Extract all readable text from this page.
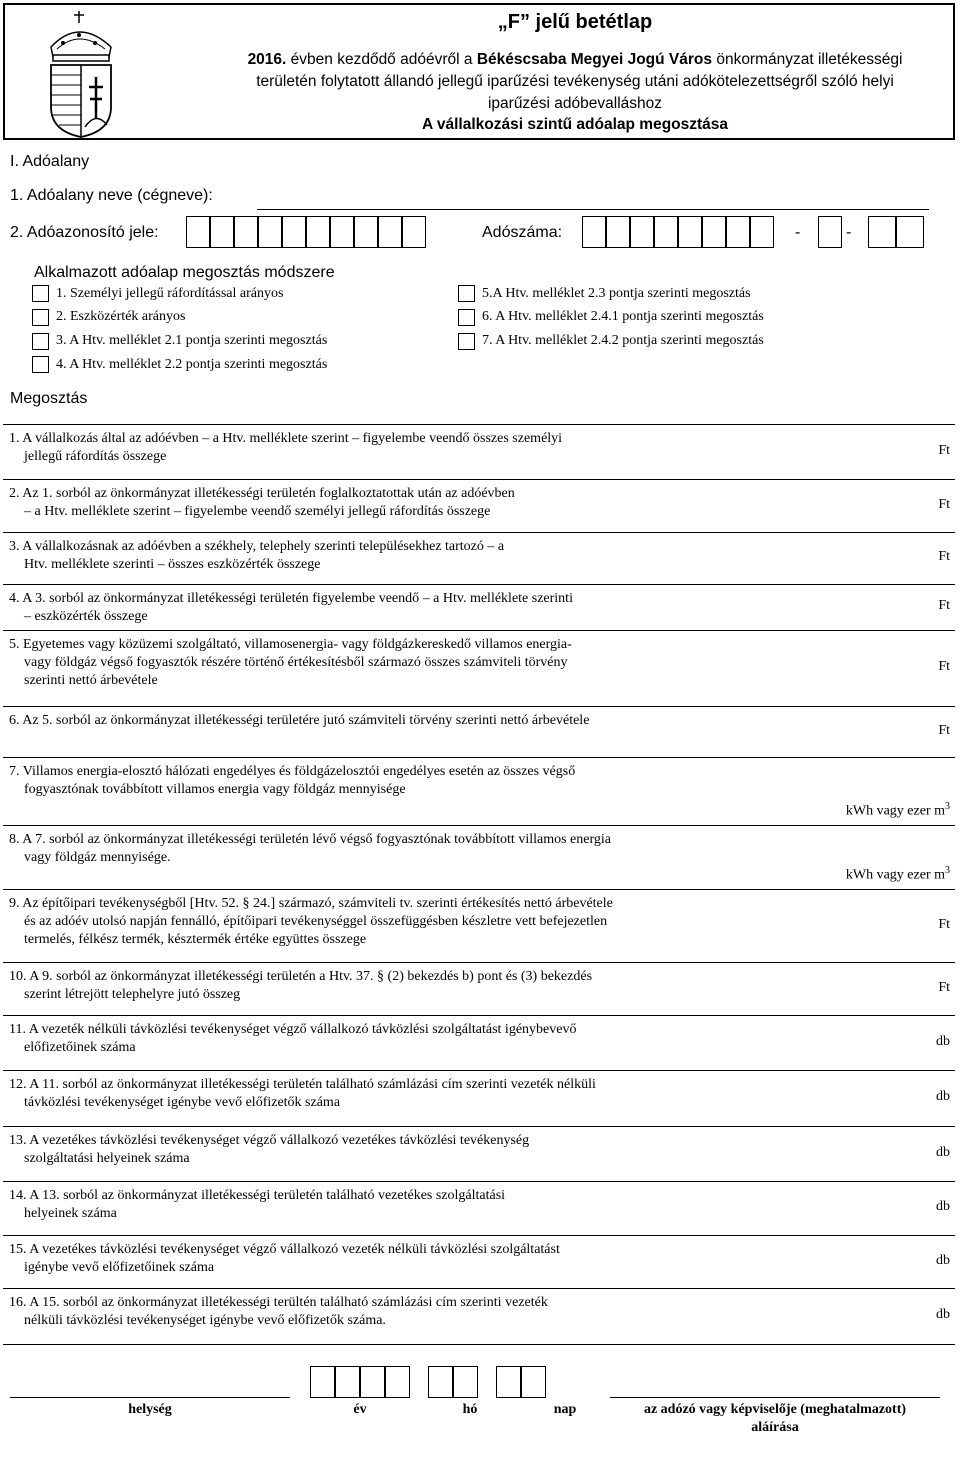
„F” jelű betétlap
2016. évben kezdődő adóévről a Békéscsaba Megyei Jogú Város önkormányzat illetékességi
területén folytatott állandó jellegű iparűzési tevékenység utáni adókötelezettségről szóló helyi
iparűzési adóbevalláshoz
A vállalkozási szintű adóalap megosztása
I. Adóalany
1. Adóalany neve (cégneve):
2. Adóazonosító jele:	Adószáma:	-	-
Alkalmazott adóalap megosztás módszere
1. Személyi jellegű ráfordítással arányos
2. Eszközérték arányos
3. A Htv. melléklet 2.1 pontja szerinti megosztás
4. A Htv. melléklet 2.2 pontja szerinti megosztás
5.A Htv. melléklet 2.3 pontja szerinti megosztás
6. A Htv. melléklet 2.4.1 pontja szerinti megosztás
7. A Htv. melléklet 2.4.2 pontja szerinti megosztás
Megosztás
1. A vállalkozás által az adóévben – a Htv. melléklete szerint – figyelembe veendő összes személyi
jellegű ráfordítás összege	Ft
2. Az 1. sorból az önkormányzat illetékességi területén foglalkoztatottak után az adóévben
– a Htv. melléklete szerint – figyelembe veendő személyi jellegű ráfordítás összege	Ft
3. A vállalkozásnak az adóévben a székhely, telephely szerinti településekhez tartozó – a
Htv. melléklete szerinti – összes eszközérték összege
Ft
4. A 3. sorból az önkormányzat illetékességi területén figyelembe veendő – a Htv. melléklete szerinti
– eszközérték összege
Ft
5. Egyetemes vagy közüzemi szolgáltató, villamosenergia- vagy földgázkereskedő villamos energia-
vagy földgáz végső fogyasztók részére történő értékesítésből származó összes számviteli törvény
szerinti nettó árbevétele
Ft
6. Az 5. sorból az önkormányzat illetékességi területére jutó számviteli törvény szerinti nettó árbevétele
Ft
7. Villamos energia-elosztó hálózati engedélyes és földgázelosztói engedélyes esetén az összes végső
fogyasztónak továbbított villamos energia vagy földgáz mennyisége
kWh vagy ezer $m^3$
8. A 7. sorból az önkormányzat illetékességi területén lévő végső fogyasztónak továbbított villamos energia
vagy földgáz mennyisége.
kWh vagy ezer $m^3$
9. Az építőipari tevékenységből [Htv. 52. § 24.] származó, számviteli tv. szerinti értékesítés nettó árbevétele
és az adóév utolsó napján fennálló, építőipari tevékenységgel összefüggésben készletre vett befejezetlen
termelés, félkész termék, késztermék értéke együttes összege
Ft
10. A 9. sorból az önkormányzat illetékességi területén a Htv. 37. § (2) bekezdés b) pont és (3) bekezdés
szerint létrejött telephelyre jutó összeg	Ft
11. A vezeték nélküli távközlési tevékenységet végző vállalkozó távközlési szolgáltatást igénybevevő
előfizetőinek száma	db
12. A 11. sorból az önkormányzat illetékességi területén található számlázási cím szerinti vezeték nélküli
távközlési tevékenységet igénybe vevő előfizetők száma	db
13. A vezetékes távközlési tevékenységet végző vállalkozó vezetékes távközlési tevékenység
szolgáltatási helyeinek száma	db
14. A 13. sorból az önkormányzat illetékességi területén található vezetékes szolgáltatási
helyeinek száma	db
15. A vezetékes távközlési tevékenységet végző vállalkozó vezeték nélküli távközlési szolgáltatást
igénybe vevő előfizetőinek száma	db
16. A 15. sorból az önkormányzat illetékességi terültén található számlázási cím szerinti vezeték
nélküli távközlési tevékenységet igénybe vevő előfizetők száma.	db
helység	év	hó	nap	az adózó vagy képviselője (meghatalmazott)
aláírása
